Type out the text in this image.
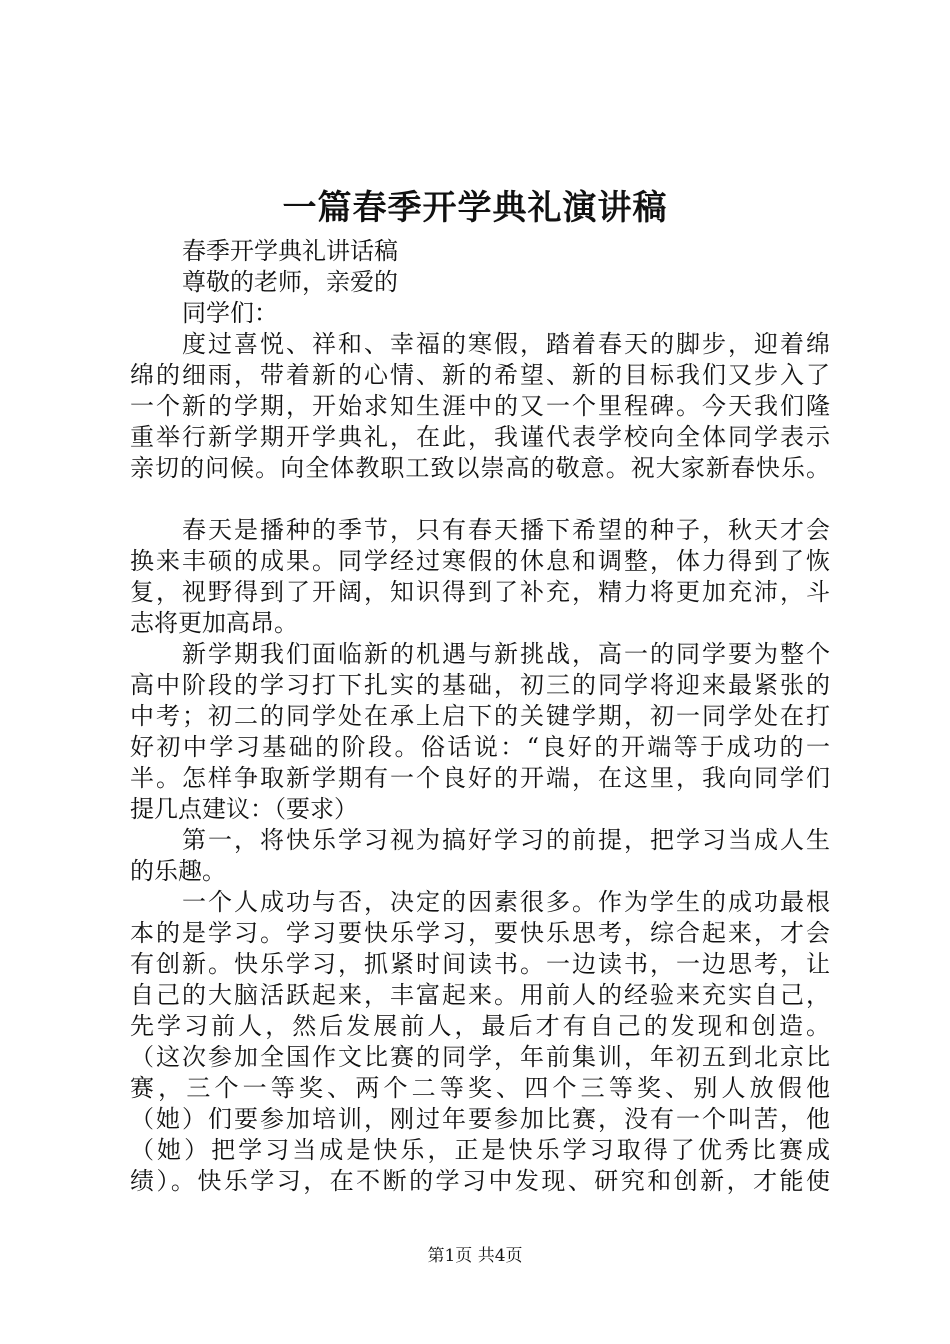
一篇春季开学典礼演讲稿
春季开学典礼讲话稿
尊敬的老师，亲爱的
同学们：
度过喜悦、祥和、幸福的寒假，踏着春天的脚步，迎着绵
绵的细雨，带着新的心情、新的希望、新的目标我们又步入了
一个新的学期，开始求知生涯中的又一个里程碑。今天我们隆
重举行新学期开学典礼，在此，我谨代表学校向全体同学表示
亲切的问候。向全体教职工致以崇高的敬意。祝大家新春快乐。
春天是播种的季节，只有春天播下希望的种子，秋天才会
换来丰硕的成果。同学经过寒假的休息和调整，体力得到了恢
复，视野得到了开阔，知识得到了补充，精力将更加充沛，斗
志将更加高昂。
新学期我们面临新的机遇与新挑战，高一的同学要为整个
高中阶段的学习打下扎实的基础，初三的同学将迎来最紧张的
中考；初二的同学处在承上启下的关键学期，初一同学处在打
好初中学习基础的阶段。俗话说：“良好的开端等于成功的一
半。怎样争取新学期有一个良好的开端，在这里，我向同学们
提几点建议：（要求）
第一，将快乐学习视为搞好学习的前提，把学习当成人生
的乐趣。
一个人成功与否，决定的因素很多。作为学生的成功最根
本的是学习。学习要快乐学习，要快乐思考，综合起来，才会
有创新。快乐学习，抓紧时间读书。一边读书，一边思考，让
自己的大脑活跃起来，丰富起来。用前人的经验来充实自己，
先学习前人，然后发展前人，最后才有自己的发现和创造。
（这次参加全国作文比赛的同学，年前集训，年初五到北京比
赛，三个一等奖、两个二等奖、四个三等奖、别人放假他
（她）们要参加培训，刚过年要参加比赛，没有一个叫苦，他
（她）把学习当成是快乐，正是快乐学习取得了优秀比赛成
绩）。快乐学习，在不断的学习中发现、研究和创新，才能使
第1页 共4页
